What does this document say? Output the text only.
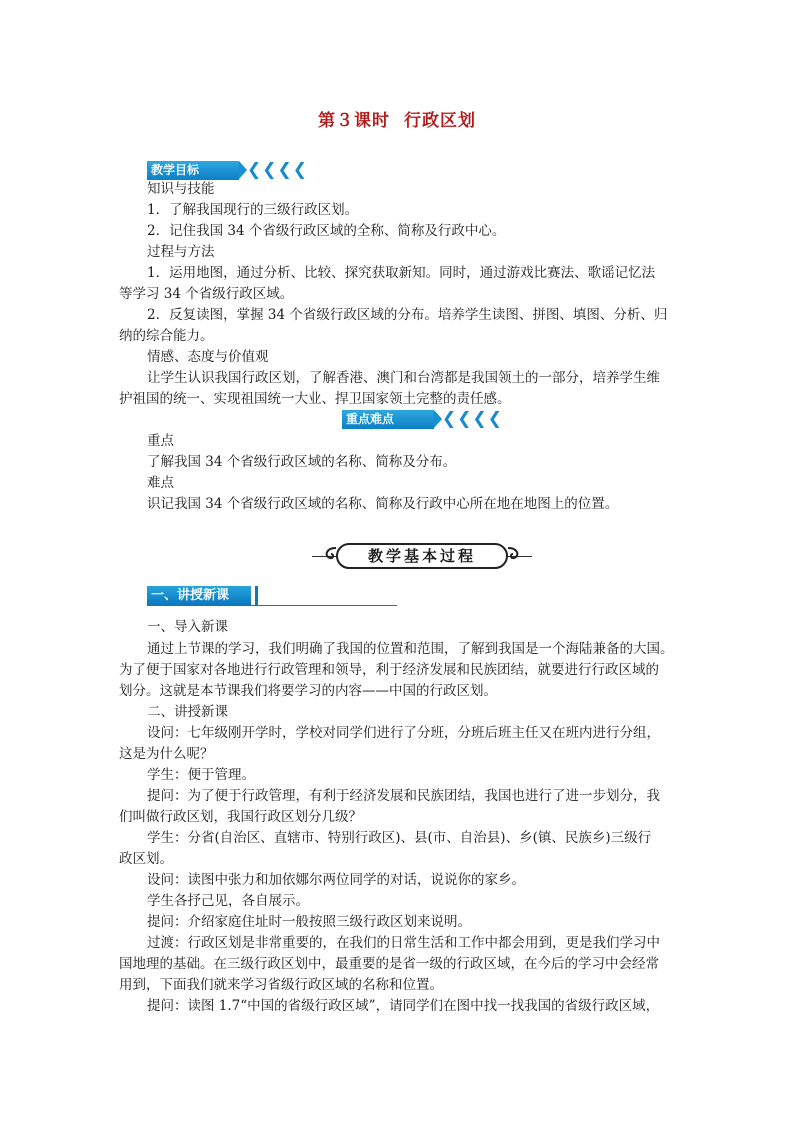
第３课时 行政区划
教学目标	❮❮❮❮
知识与技能
1．了解我国现行的三级行政区划。
2．记住我国 34 个省级行政区域的全称、简称及行政中心。
过程与方法
1．运用地图，通过分析、比较、探究获取新知。同时，通过游戏比赛法、歌谣记忆法
等学习 34 个省级行政区域。
2．反复读图，掌握 34 个省级行政区域的分布。培养学生读图、拼图、填图、分析、归
纳的综合能力。
情感、态度与价值观
让学生认识我国行政区划，了解香港、澳门和台湾都是我国领土的一部分，培养学生维
护祖国的统一、实现祖国统一大业、捍卫国家领土完整的责任感。
重点难点	❮❮❮❮
重点
了解我国 34 个省级行政区域的名称、简称及分布。
难点
识记我国 34 个省级行政区域的名称、简称及行政中心所在地在地图上的位置。
教学基本过程
一、讲授新课
一、导入新课
通过上节课的学习，我们明确了我国的位置和范围，了解到我国是一个海陆兼备的大国。
为了便于国家对各地进行行政管理和领导，利于经济发展和民族团结，就要进行行政区域的
划分。这就是本节课我们将要学习的内容——中国的行政区划。
二、讲授新课
设问：七年级刚开学时，学校对同学们进行了分班，分班后班主任又在班内进行分组，
这是为什么呢？
学生：便于管理。
提问：为了便于行政管理，有利于经济发展和民族团结，我国也进行了进一步划分，我
们叫做行政区划，我国行政区划分几级？
学生：分省(自治区、直辖市、特别行政区)、县(市、自治县)、乡(镇、民族乡)三级行
政区划。
设问：读图中张力和加依娜尔两位同学的对话，说说你的家乡。
学生各抒己见，各自展示。
提问：介绍家庭住址时一般按照三级行政区划来说明。
过渡：行政区划是非常重要的，在我们的日常生活和工作中都会用到，更是我们学习中
国地理的基础。在三级行政区划中，最重要的是省一级的行政区域，在今后的学习中会经常
用到，下面我们就来学习省级行政区域的名称和位置。
提问：读图 1.7“中国的省级行政区域”，请同学们在图中找一找我国的省级行政区域，
